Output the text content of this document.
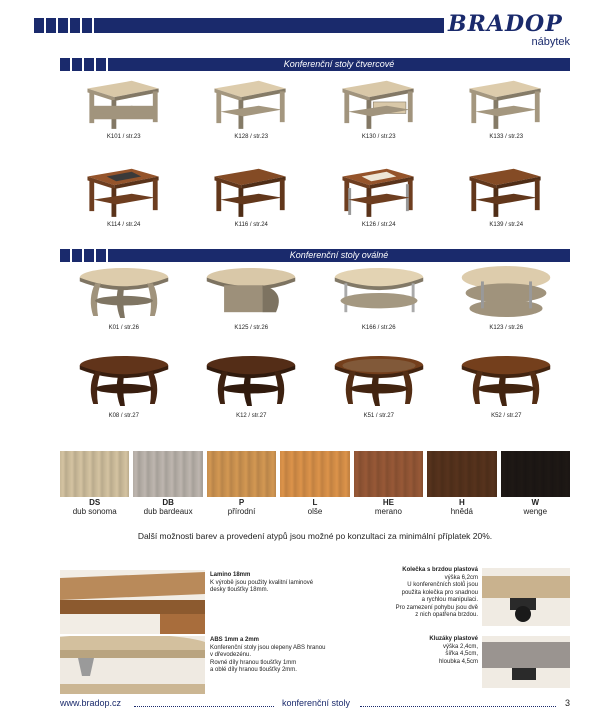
BRADOP
nábytek
Konferenční stoly čtvercové
K101 / str.23	K128 / str.23	K130 / str.23	K133 / str.23
K114 / str.24	K116 / str.24	K126 / str.24	K139 / str.24
Konferenční stoly oválné
K01 / str.26	K125 / str.26	K166 / str.26	K123 / str.26
K08 / str.27	K12 / str.27	K51 / str.27	K52 / str.27
DS
dub sonoma
DB
dub bardeaux
P
přírodní
L
olše
HE
merano
H
hnědá
W
wenge
Další možnosti barev a provedení atypů jsou možné po konzultaci za minimální příplatek 20%.
Lamino 18mm
K výrobě jsou použity kvalitní laminové
desky tloušťky 18mm.
ABS 1mm a 2mm
Konferenční stoly jsou olepeny ABS hranou
v dřevodezénu.
Rovné díly hranou tloušťky 1mm
a oblé díly hranou tloušťky 2mm.
Kolečka s brzdou plastová
výška 6,2cm
U konferenčních stolů jsou
použita kolečka pro snadnou
a rychlou manipulaci.
Pro zamezení pohybu jsou dvě
z nich opatřena brzdou.
Kluzáky plastové
výška 2,4cm,
šířka 4,5cm,
hloubka 4,5cm
www.bradop.cz	konferenční stoly	3
